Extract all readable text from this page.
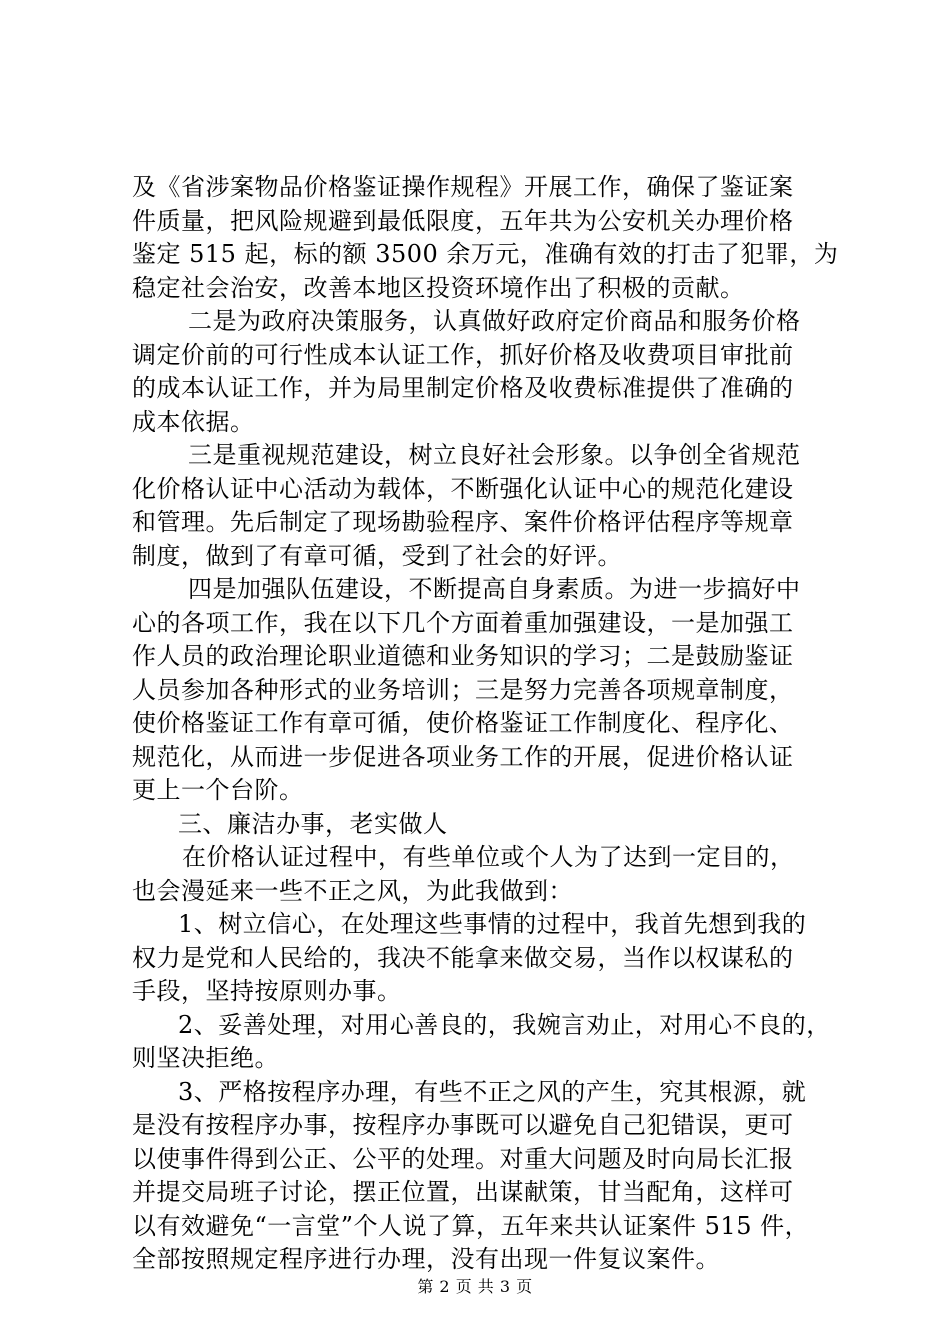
及《省涉案物品价格鉴证操作规程》开展工作，确保了鉴证案
件质量，把风险规避到最低限度，五年共为公安机关办理价格
鉴定 515 起，标的额 3500 余万元，准确有效的打击了犯罪，为
稳定社会治安，改善本地区投资环境作出了积极的贡献。
二是为政府决策服务，认真做好政府定价商品和服务价格
调定价前的可行性成本认证工作，抓好价格及收费项目审批前
的成本认证工作，并为局里制定价格及收费标准提供了准确的
成本依据。
三是重视规范建设，树立良好社会形象。以争创全省规范
化价格认证中心活动为载体，不断强化认证中心的规范化建设
和管理。先后制定了现场勘验程序、案件价格评估程序等规章
制度，做到了有章可循，受到了社会的好评。
四是加强队伍建设，不断提高自身素质。为进一步搞好中
心的各项工作，我在以下几个方面着重加强建设，一是加强工
作人员的政治理论职业道德和业务知识的学习；二是鼓励鉴证
人员参加各种形式的业务培训；三是努力完善各项规章制度，
使价格鉴证工作有章可循，使价格鉴证工作制度化、程序化、
规范化，从而进一步促进各项业务工作的开展，促进价格认证
更上一个台阶。
三、廉洁办事，老实做人
在价格认证过程中，有些单位或个人为了达到一定目的，
也会漫延来一些不正之风，为此我做到：
1、树立信心，在处理这些事情的过程中，我首先想到我的
权力是党和人民给的，我决不能拿来做交易，当作以权谋私的
手段，坚持按原则办事。
2、妥善处理，对用心善良的，我婉言劝止，对用心不良的，
则坚决拒绝。
3、严格按程序办理，有些不正之风的产生，究其根源，就
是没有按程序办事，按程序办事既可以避免自己犯错误，更可
以使事件得到公正、公平的处理。对重大问题及时向局长汇报
并提交局班子讨论，摆正位置，出谋献策，甘当配角，这样可
以有效避免“一言堂”个人说了算，五年来共认证案件 515 件，
全部按照规定程序进行办理，没有出现一件复议案件。
第 2 页 共 3 页
